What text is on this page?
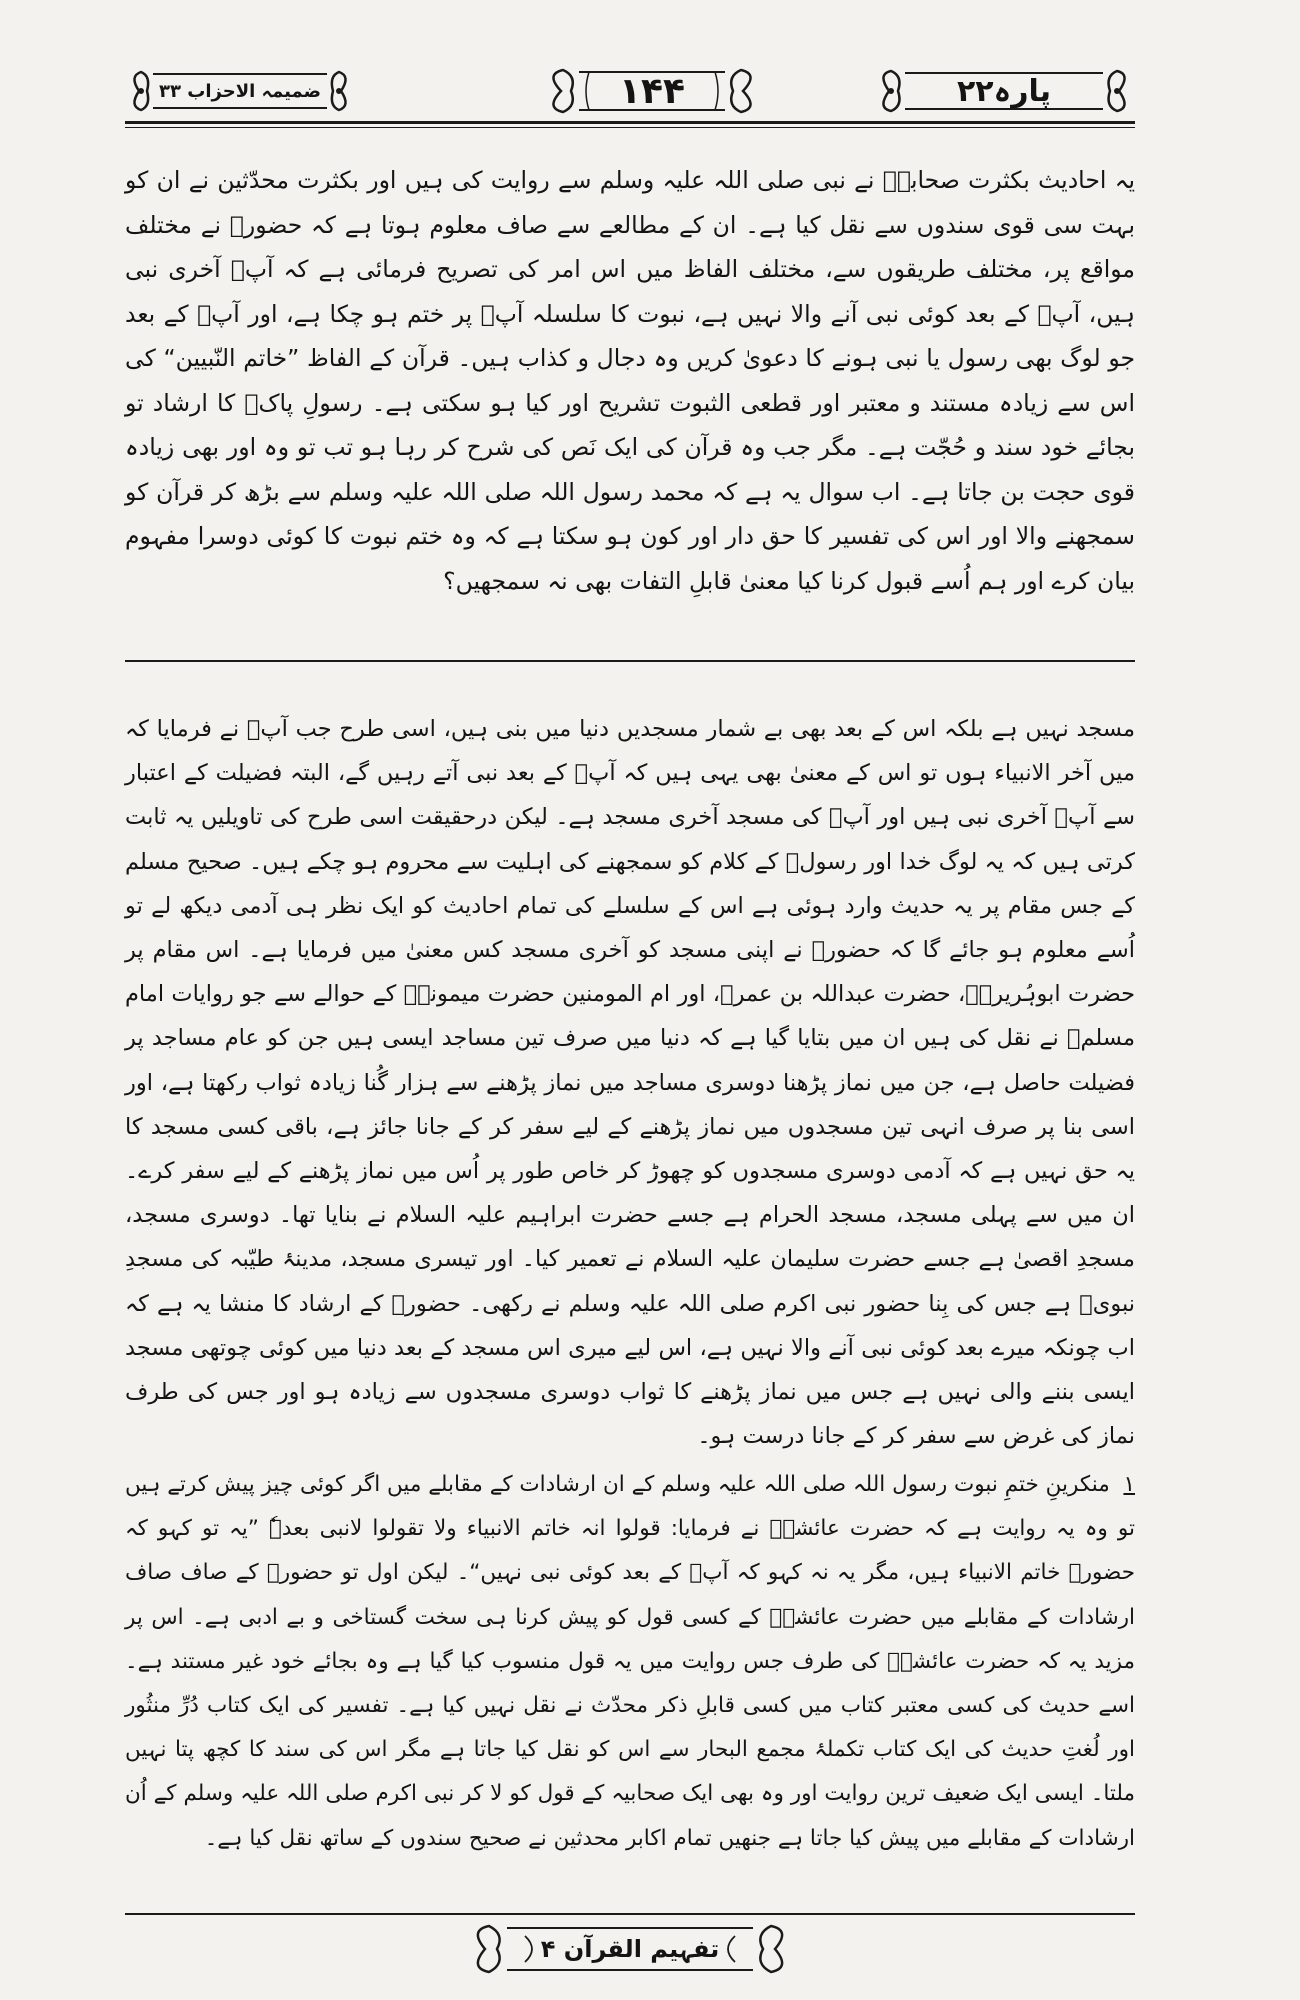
ضمیمہ الاحزاب ۳۳	۱۴۴	پارہ۲۲

یہ احادیث بکثرت صحابہؓ نے نبی صلی اللہ علیہ وسلم سے روایت کی ہیں اور بکثرت محدّثین نے ان کو بہت سی قوی سندوں سے نقل کیا ہے۔ ان کے مطالعے سے صاف معلوم ہوتا ہے کہ حضورؐ نے مختلف مواقع پر، مختلف طریقوں سے، مختلف الفاظ میں اس امر کی تصریح فرمائی ہے کہ آپؐ آخری نبی ہیں، آپؐ کے بعد کوئی نبی آنے والا نہیں ہے، نبوت کا سلسلہ آپؐ پر ختم ہو چکا ہے، اور آپؐ کے بعد جو لوگ بھی رسول یا نبی ہونے کا دعویٰ کریں وہ دجال و کذاب ہیں۔ قرآن کے الفاظ ”خاتم النّبیین“ کی اس سے زیادہ مستند و معتبر اور قطعی الثبوت تشریح اور کیا ہو سکتی ہے۔ رسولِ پاکؐ کا ارشاد تو بجائے خود سند و حُجّت ہے۔ مگر جب وہ قرآن کی ایک نَص کی شرح کر رہا ہو تب تو وہ اور بھی زیادہ قوی حجت بن جاتا ہے۔ اب سوال یہ ہے کہ محمد رسول اللہ صلی اللہ علیہ وسلم سے بڑھ کر قرآن کو سمجھنے والا اور اس کی تفسیر کا حق دار اور کون ہو سکتا ہے کہ وہ ختم نبوت کا کوئی دوسرا مفہوم بیان کرے اور ہم اُسے قبول کرنا کیا معنیٰ قابلِ التفات بھی نہ سمجھیں؟

مسجد نہیں ہے بلکہ اس کے بعد بھی بے شمار مسجدیں دنیا میں بنی ہیں، اسی طرح جب آپؐ نے فرمایا کہ میں آخر الانبیاء ہوں تو اس کے معنیٰ بھی یہی ہیں کہ آپؐ کے بعد نبی آتے رہیں گے، البتہ فضیلت کے اعتبار سے آپؐ آخری نبی ہیں اور آپؐ کی مسجد آخری مسجد ہے۔ لیکن درحقیقت اسی طرح کی تاویلیں یہ ثابت کرتی ہیں کہ یہ لوگ خدا اور رسولؐ کے کلام کو سمجھنے کی اہلیت سے محروم ہو چکے ہیں۔ صحیح مسلم کے جس مقام پر یہ حدیث وارد ہوئی ہے اس کے سلسلے کی تمام احادیث کو ایک نظر ہی آدمی دیکھ لے تو اُسے معلوم ہو جائے گا کہ حضورؐ نے اپنی مسجد کو آخری مسجد کس معنیٰ میں فرمایا ہے۔ اس مقام پر حضرت ابوہُریرہؓ، حضرت عبداللہ بن عمرؓ، اور ام المومنین حضرت میمونہؓ کے حوالے سے جو روایات امام مسلمؒ نے نقل کی ہیں ان میں بتایا گیا ہے کہ دنیا میں صرف تین مساجد ایسی ہیں جن کو عام مساجد پر فضیلت حاصل ہے، جن میں نماز پڑھنا دوسری مساجد میں نماز پڑھنے سے ہزار گُنا زیادہ ثواب رکھتا ہے، اور اسی بنا پر صرف انہی تین مسجدوں میں نماز پڑھنے کے لیے سفر کر کے جانا جائز ہے، باقی کسی مسجد کا یہ حق نہیں ہے کہ آدمی دوسری مسجدوں کو چھوڑ کر خاص طور پر اُس میں نماز پڑھنے کے لیے سفر کرے۔ ان میں سے پہلی مسجد، مسجد الحرام ہے جسے حضرت ابراہیم علیہ السلام نے بنایا تھا۔ دوسری مسجد، مسجدِ اقصیٰ ہے جسے حضرت سلیمان علیہ السلام نے تعمیر کیا۔ اور تیسری مسجد، مدینۂ طیّبہ کی مسجدِ نبویؐ ہے جس کی بِنا حضور نبی اکرم صلی اللہ علیہ وسلم نے رکھی۔ حضورؐ کے ارشاد کا منشا یہ ہے کہ اب چونکہ میرے بعد کوئی نبی آنے والا نہیں ہے، اس لیے میری اس مسجد کے بعد دنیا میں کوئی چوتھی مسجد ایسی بننے والی نہیں ہے جس میں نماز پڑھنے کا ثواب دوسری مسجدوں سے زیادہ ہو اور جس کی طرف نماز کی غرض سے سفر کر کے جانا درست ہو۔

۱  منکرینِ ختمِ نبوت رسول اللہ صلی اللہ علیہ وسلم کے ان ارشادات کے مقابلے میں اگر کوئی چیز پیش کرتے ہیں تو وہ یہ روایت ہے کہ حضرت عائشہؓ نے فرمایا: قولوا انہ خاتم الانبیاء ولا تقولوا لانبی بعدہٗ ”یہ تو کہو کہ حضورؐ خاتم الانبیاء ہیں، مگر یہ نہ کہو کہ آپؐ کے بعد کوئی نبی نہیں“۔ لیکن اول تو حضورؐ کے صاف صاف ارشادات کے مقابلے میں حضرت عائشہؓ کے کسی قول کو پیش کرنا ہی سخت گستاخی و بے ادبی ہے۔ اس پر مزید یہ کہ حضرت عائشہؓ کی طرف جس روایت میں یہ قول منسوب کیا گیا ہے وہ بجائے خود غیر مستند ہے۔ اسے حدیث کی کسی معتبر کتاب میں کسی قابلِ ذکر محدّث نے نقل نہیں کیا ہے۔ تفسیر کی ایک کتاب دُرِّ منثُور اور لُغتِ حدیث کی ایک کتاب تکملۂ مجمع البحار سے اس کو نقل کیا جاتا ہے مگر اس کی سند کا کچھ پتا نہیں ملتا۔ ایسی ایک ضعیف ترین روایت اور وہ بھی ایک صحابیہ کے قول کو لا کر نبی اکرم صلی اللہ علیہ وسلم کے اُن ارشادات کے مقابلے میں پیش کیا جاتا ہے جنھیں تمام اکابر محدثین نے صحیح سندوں کے ساتھ نقل کیا ہے۔

تفہیم القرآن ۴
